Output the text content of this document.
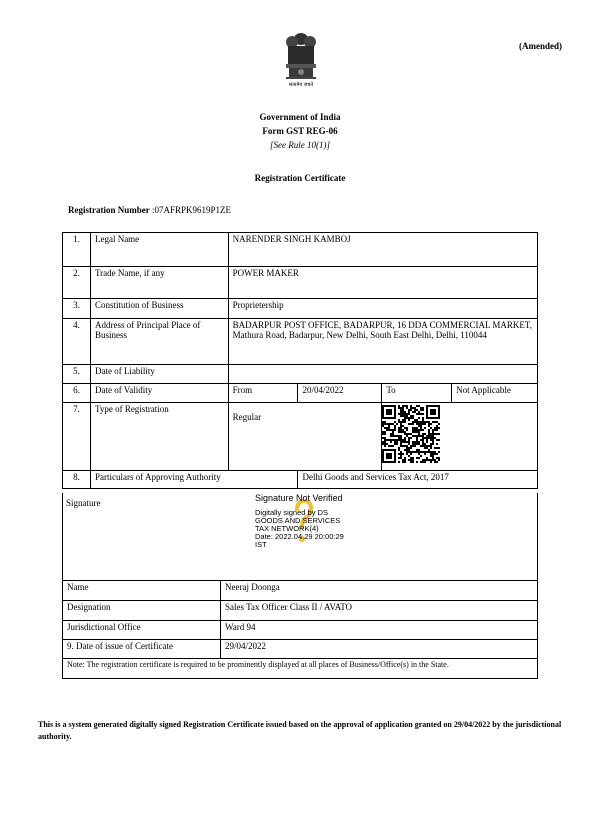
सत्यमेव जयते
(Amended)
Government of India
Form GST REG-06
[See Rule 10(1)]
Registration Certificate
Registration Number :07AFRPK9619P1ZE
1.	Legal Name	NARENDER SINGH KAMBOJ			
2.	Trade Name, if any	POWER MAKER			
3.	Constitution of Business	Proprietership			
4.	Address of Principal Place of Business	BADARPUR POST OFFICE, BADARPUR, 16 DDA COMMERCIAL MARKET, Mathura Road, Badarpur, New Delhi, South East Delhi, Delhi, 110044			
5.	Date of Liability				
6.	Date of Validity	From	20/04/2022	To	Not Applicable
7.	Type of Registration	Regular	
8.	Particulars of Approving Authority		Delhi Goods and Services Tax Act, 2017		
Signature	Signature Not Verified
Digitally signed by DS
GOODS AND SERVICES
TAX NETWORK(4)
Date: 2022.04.29 20:00:29
IST
Name	Neeraj Doonga
Designation	Sales Tax Officer Class II / AVATO
Jurisdictional Office	Ward 94
9. Date of issue of Certificate	29/04/2022
Note: The registration certificate is required to be prominently displayed at all places of Business/Office(s) in the State.	
This is a system generated digitally signed Registration Certificate issued based on the approval of application granted on 29/04/2022 by the jurisdictional authority.
